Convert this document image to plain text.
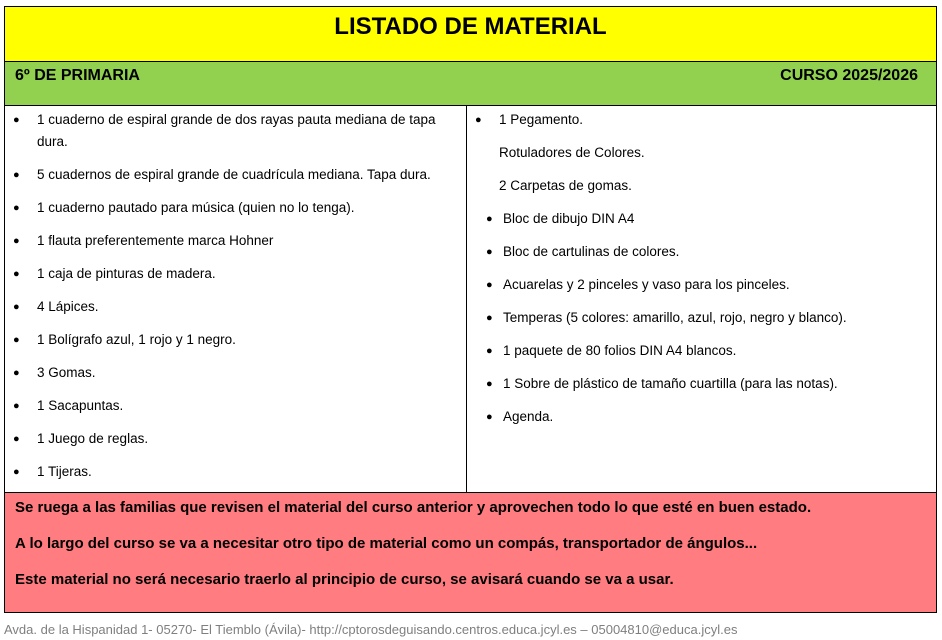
LISTADO DE MATERIAL
6º DE PRIMARIA	CURSO 2025/2026
●	1 cuaderno de espiral grande de dos rayas pauta mediana de tapa dura.
●	5 cuadernos de espiral grande de cuadrícula mediana. Tapa dura.
●	1 cuaderno pautado para música (quien no lo tenga).
●	1 flauta preferentemente marca Hohner
●	1 caja de pinturas de madera.
●	4 Lápices.
●	1 Bolígrafo azul, 1 rojo y 1 negro.
●	3 Gomas.
●	1 Sacapuntas.
●	1 Juego de reglas.
●	1 Tijeras.
●	1 Pegamento.
Rotuladores de Colores.
2 Carpetas de gomas.
● Bloc de dibujo DIN A4
● Bloc de cartulinas de colores.
● Acuarelas y 2 pinceles y vaso para los pinceles.
● Temperas (5 colores: amarillo, azul, rojo, negro y blanco).
● 1 paquete de 80 folios DIN A4 blancos.
● 1 Sobre de plástico de tamaño cuartilla (para las notas).
● Agenda.

Se ruega a las familias que revisen el material del curso anterior y aprovechen todo lo que esté en buen estado.

A lo largo del curso se va a necesitar otro tipo de material como un compás, transportador de ángulos...

Este material no será necesario traerlo al principio de curso, se avisará cuando se va a usar.

Avda. de la Hispanidad 1- 05270- El Tiemblo (Ávila)- http://cptorosdeguisando.centros.educa.jcyl.es – 05004810@educa.jcyl.es
